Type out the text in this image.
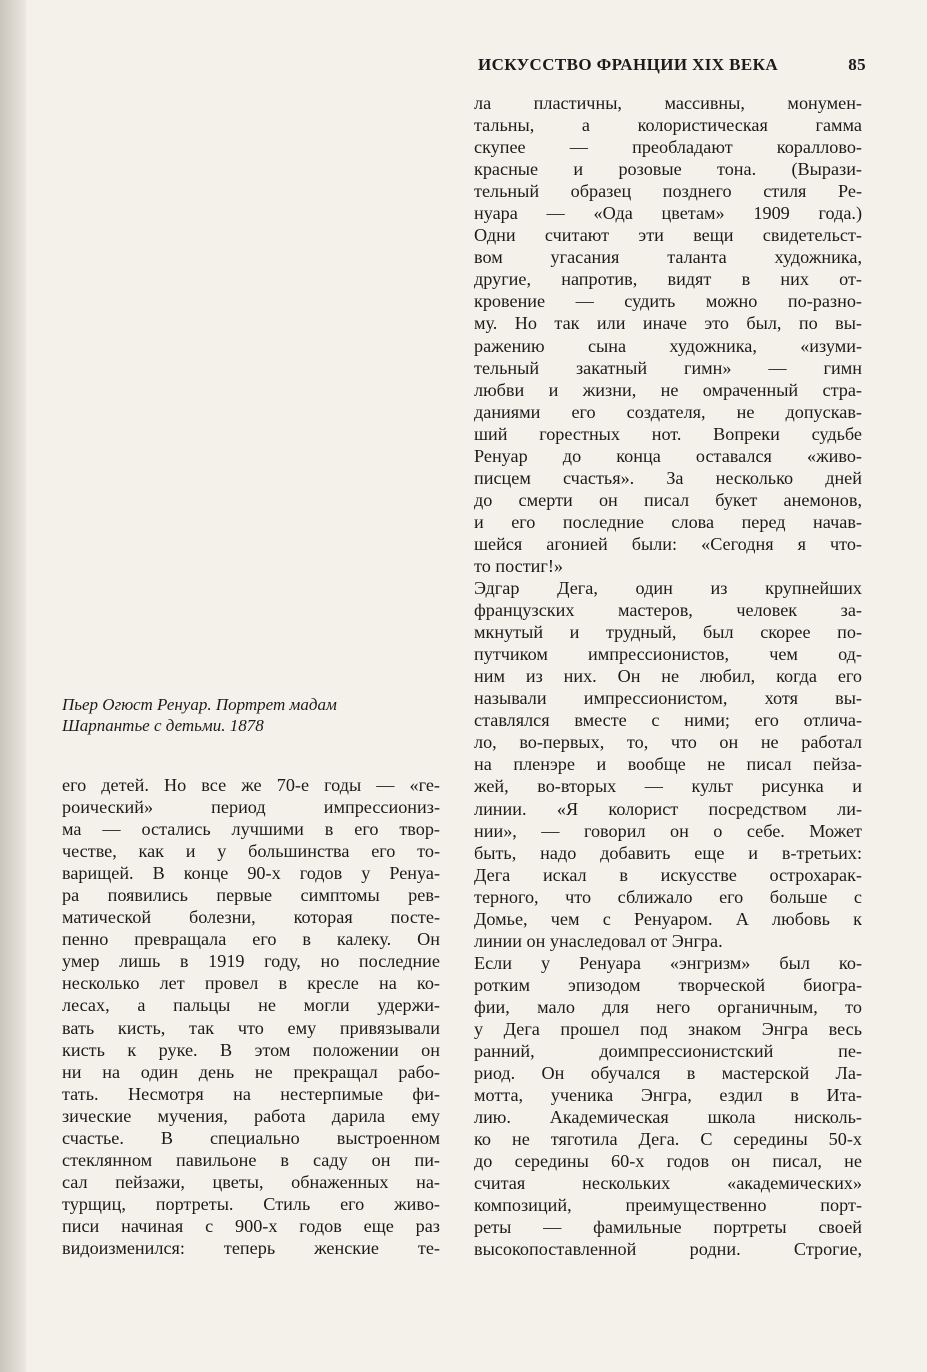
ИСКУССТВО ФРАНЦИИ XIX ВЕКА	85
Пьер Огюст Ренуар. Портрет мадам
Шарпантье с детьми. 1878
его детей. Но все же 70-е годы — «ге-
роический» период импрессиониз-
ма — остались лучшими в его твор-
честве, как и у большинства его то-
варищей. В конце 90-х годов у Ренуа-
ра появились первые симптомы рев-
матической болезни, которая посте-
пенно превращала его в калеку. Он
умер лишь в 1919 году, но последние
несколько лет провел в кресле на ко-
лесах, а пальцы не могли удержи-
вать кисть, так что ему привязывали
кисть к руке. В этом положении он
ни на один день не прекращал рабо-
тать. Несмотря на нестерпимые фи-
зические мучения, работа дарила ему
счастье. В специально выстроенном
стеклянном павильоне в саду он пи-
сал пейзажи, цветы, обнаженных на-
турщиц, портреты. Стиль его живо-
писи начиная с 900-х годов еще раз
видоизменился: теперь женские те-
ла пластичны, массивны, монумен-
тальны, а колористическая гамма
скупее — преобладают кораллово-
красные и розовые тона. (Вырази-
тельный образец позднего стиля Ре-
нуара — «Ода цветам» 1909 года.)
Одни считают эти вещи свидетельст-
вом угасания таланта художника,
другие, напротив, видят в них от-
кровение — судить можно по-разно-
му. Но так или иначе это был, по вы-
ражению сына художника, «изуми-
тельный закатный гимн» — гимн
любви и жизни, не омраченный стра-
даниями его создателя, не допускав-
ший горестных нот. Вопреки судьбе
Ренуар до конца оставался «живо-
писцем счастья». За несколько дней
до смерти он писал букет анемонов,
и его последние слова перед начав-
шейся агонией были: «Сегодня я что-
то постиг!»
Эдгар Дега, один из крупнейших
французских мастеров, человек за-
мкнутый и трудный, был скорее по-
путчиком импрессионистов, чем од-
ним из них. Он не любил, когда его
называли импрессионистом, хотя вы-
ставлялся вместе с ними; его отлича-
ло, во-первых, то, что он не работал
на пленэре и вообще не писал пейза-
жей, во-вторых — культ рисунка и
линии. «Я колорист посредством ли-
нии», — говорил он о себе. Может
быть, надо добавить еще и в-третьих:
Дега искал в искусстве острохарак-
терного, что сближало его больше с
Домье, чем с Ренуаром. А любовь к
линии он унаследовал от Энгра.
Если у Ренуара «энгризм» был ко-
ротким эпизодом творческой биогра-
фии, мало для него органичным, то
у Дега прошел под знаком Энгра весь
ранний, доимпрессионистский пе-
риод. Он обучался в мастерской Ла-
мотта, ученика Энгра, ездил в Ита-
лию. Академическая школа нисколь-
ко не тяготила Дега. С середины 50-х
до середины 60-х годов он писал, не
считая нескольких «академических»
композиций, преимущественно порт-
реты — фамильные портреты своей
высокопоставленной родни. Строгие,
